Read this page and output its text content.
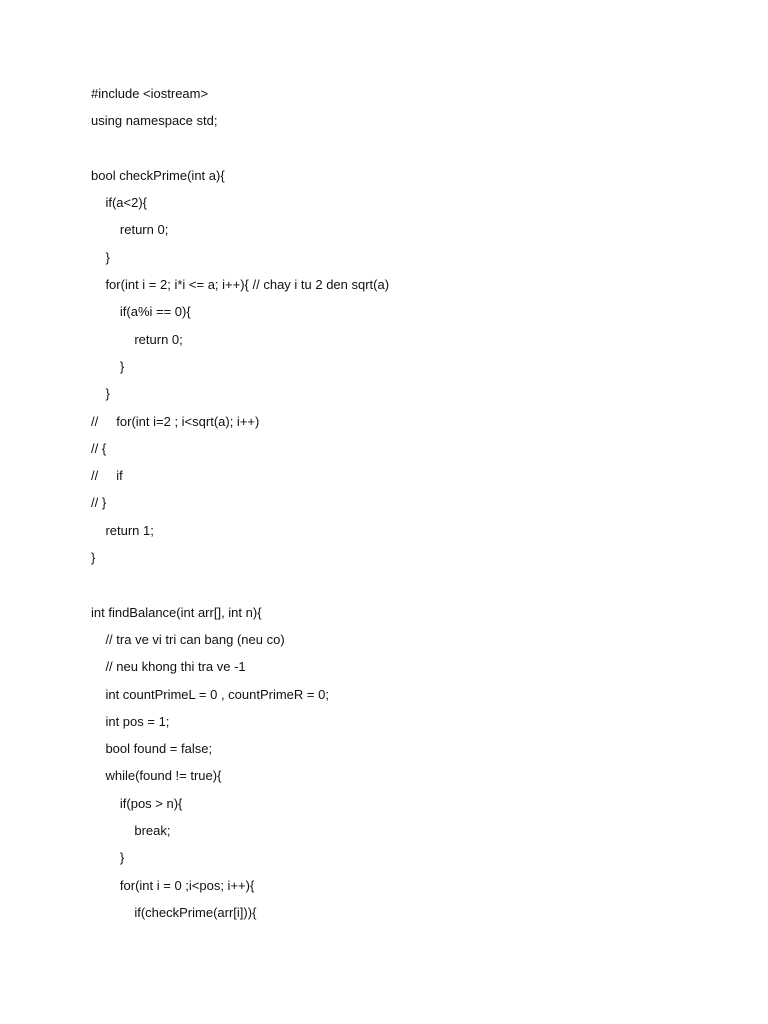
#include <iostream>
using namespace std;
bool checkPrime(int a){
if(a<2){
return 0;
}
for(int i = 2; i*i <= a; i++){ // chay i tu 2 den sqrt(a)
if(a%i == 0){
return 0;
}
}
//     for(int i=2 ; i<sqrt(a); i++)
// {
//     if
// }
return 1;
}
int findBalance(int arr[], int n){
// tra ve vi tri can bang (neu co)
// neu khong thi tra ve -1
int countPrimeL = 0 , countPrimeR = 0;
int pos = 1;
bool found = false;
while(found != true){
if(pos > n){
break;
}
for(int i = 0 ;i<pos; i++){
if(checkPrime(arr[i])){
